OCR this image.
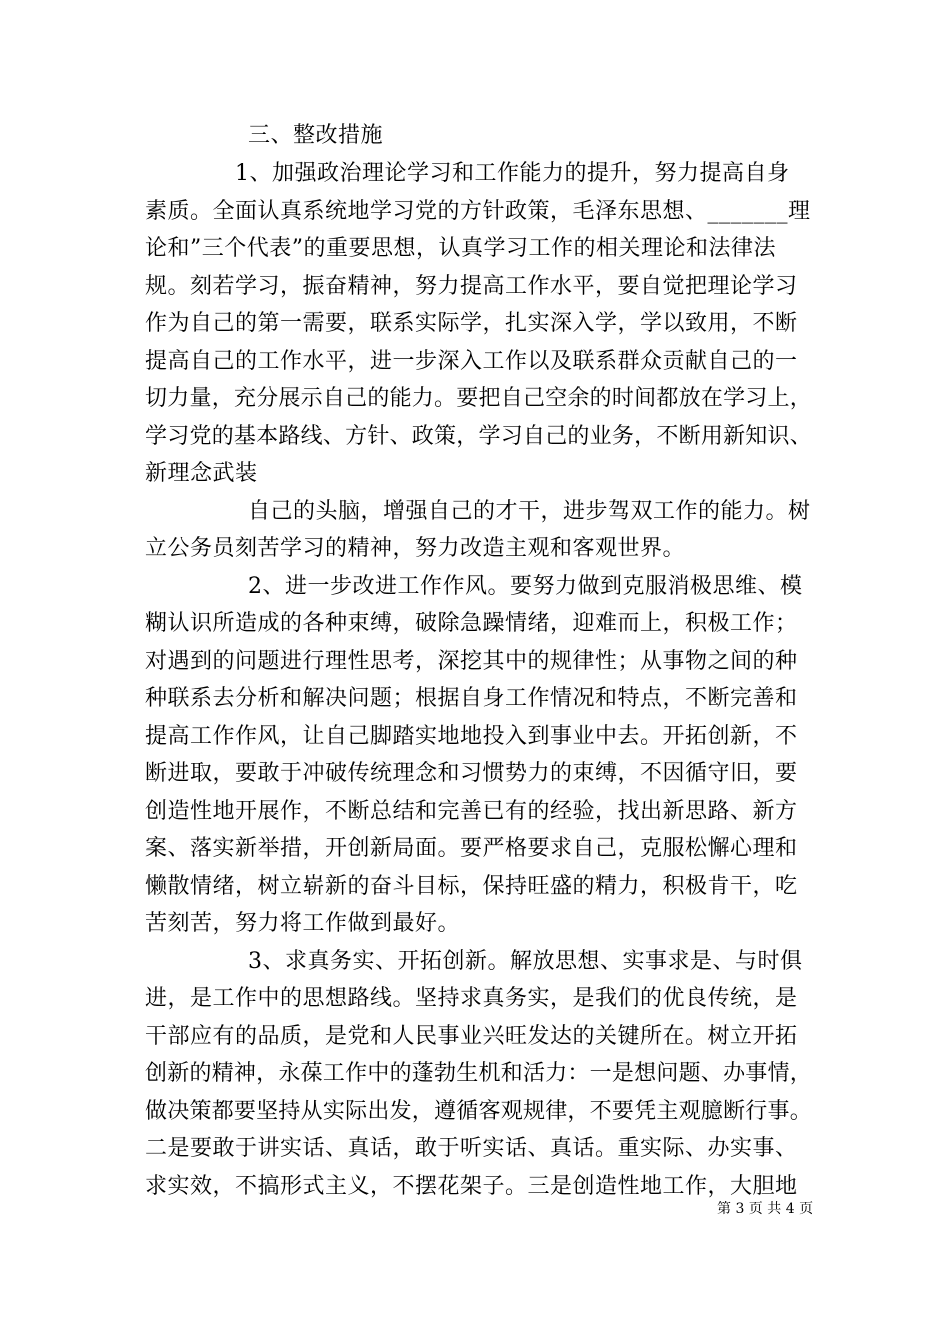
三、整改措施
1、加强政治理论学习和工作能力的提升，努力提高自身
素质。全面认真系统地学习党的方针政策，毛泽东思想、_______理
论和”三个代表”的重要思想，认真学习工作的相关理论和法律法
规。刻若学习，振奋精神，努力提高工作水平，要自觉把理论学习
作为自己的第一需要，联系实际学，扎实深入学，学以致用，不断
提高自己的工作水平，进一步深入工作以及联系群众贡献自己的一
切力量，充分展示自己的能力。要把自己空余的时间都放在学习上，
学习党的基本路线、方针、政策，学习自己的业务，不断用新知识、
新理念武装
自己的头脑，增强自己的才干，进步驾双工作的能力。树
立公务员刻苦学习的精神，努力改造主观和客观世界。
2、进一步改进工作作风。要努力做到克服消极思维、模
糊认识所造成的各种束缚，破除急躁情绪，迎难而上，积极工作；
对遇到的问题进行理性思考，深挖其中的规律性；从事物之间的种
种联系去分析和解决问题；根据自身工作情况和特点，不断完善和
提高工作作风，让自己脚踏实地地投入到事业中去。开拓创新，不
断进取，要敢于冲破传统理念和习惯势力的束缚，不因循守旧，要
创造性地开展作，不断总结和完善已有的经验，找出新思路、新方
案、落实新举措，开创新局面。要严格要求自己，克服松懈心理和
懒散情绪，树立崭新的奋斗目标，保持旺盛的精力，积极肯干，吃
苦刻苦，努力将工作做到最好。
3、求真务实、开拓创新。解放思想、实事求是、与时俱
进，是工作中的思想路线。坚持求真务实，是我们的优良传统，是
干部应有的品质，是党和人民事业兴旺发达的关键所在。树立开拓
创新的精神，永葆工作中的蓬勃生机和活力：一是想问题、办事情，
做决策都要坚持从实际出发，遵循客观规律，不要凭主观臆断行事。
二是要敢于讲实话、真话，敢于听实话、真话。重实际、办实事、
求实效，不搞形式主义，不摆花架子。三是创造性地工作，大胆地
第 3 页 共 4 页
